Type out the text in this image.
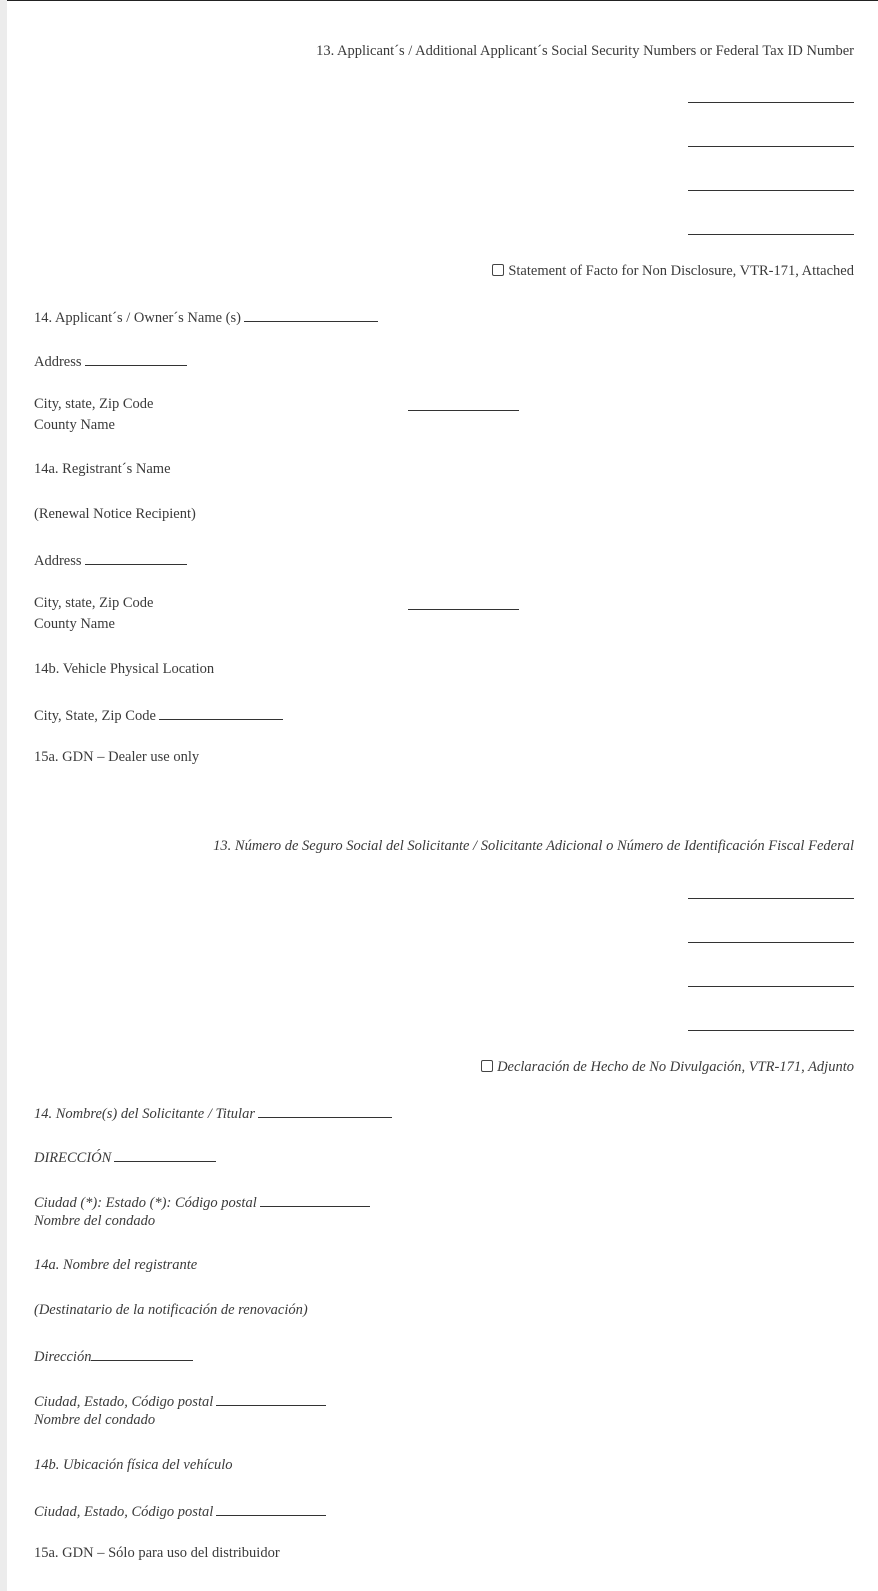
13. Applicant´s / Additional Applicant´s Social Security Numbers or Federal Tax ID Number
Statement of Facto for Non Disclosure, VTR-171, Attached
14. Applicant´s / Owner´s Name (s)
Address
City, state, Zip Code
County Name
14a. Registrant´s Name
(Renewal Notice Recipient)
Address
City, state, Zip Code
County Name
14b. Vehicle Physical Location
City, State, Zip Code
15a. GDN – Dealer use only
13. Número de Seguro Social del Solicitante / Solicitante Adicional o Número de Identificación Fiscal Federal
Declaración de Hecho de No Divulgación, VTR-171, Adjunto
14. Nombre(s) del Solicitante / Titular
DIRECCIÓN
Ciudad (*): Estado (*): Código postal
Nombre del condado
14a. Nombre del registrante
(Destinatario de la notificación de renovación)
Dirección
Ciudad, Estado, Código postal
Nombre del condado
14b. Ubicación física del vehículo
Ciudad, Estado, Código postal
15a. GDN – Sólo para uso del distribuidor
